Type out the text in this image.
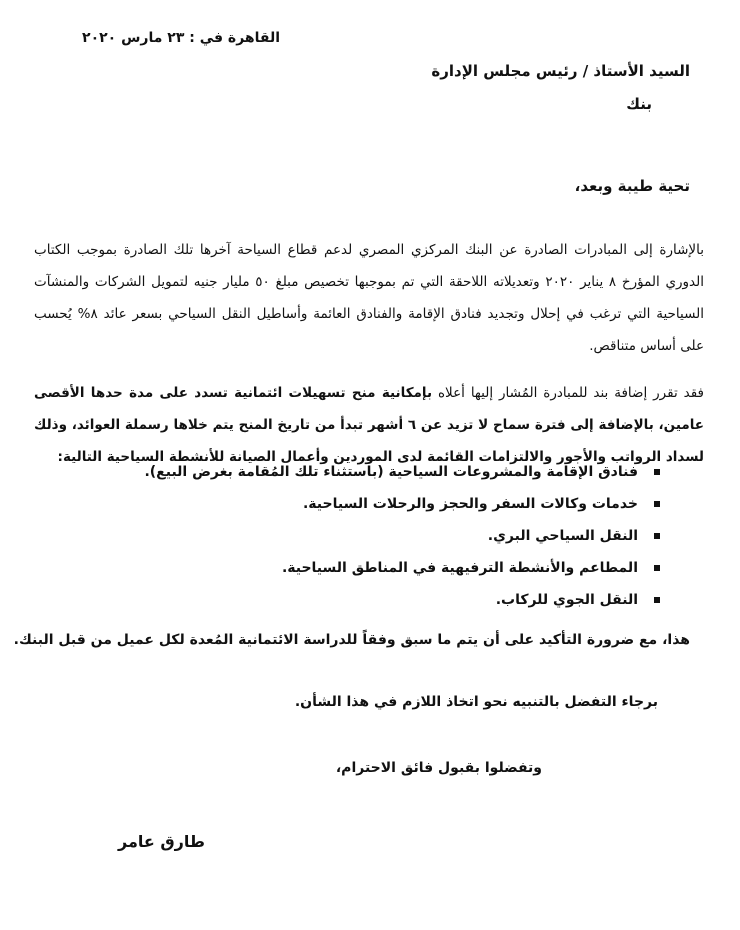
القاهرة في : ٢٣ مارس ٢٠٢٠
السيد الأستاذ / رئيس مجلس الإدارة
بنك
تحية طيبة وبعد،

بالإشارة إلى المبادرات الصادرة عن البنك المركزي المصري لدعم قطاع السياحة آخرها تلك الصادرة بموجب الكتاب الدوري المؤرخ ٨ يناير ٢٠٢٠ وتعديلاته اللاحقة التي تم بموجبها تخصيص مبلغ ٥٠ مليار جنيه لتمويل الشركات والمنشآت السياحية التي ترغب في إحلال وتجديد فنادق الإقامة والفنادق العائمة وأساطيل النقل السياحي بسعر عائد ٨% يُحسب على أساس متناقص.

فقد تقرر إضافة بند للمبادرة المُشار إليها أعلاه بإمكانية منح تسهيلات ائتمانية تسدد على مدة حدها الأقصى عامين، بالإضافة إلى فترة سماح لا تزيد عن ٦ أشهر تبدأ من تاريخ المنح يتم خلاها رسملة العوائد، وذلك لسداد الرواتب والأجور والالتزامات القائمة لدى الموردين وأعمال الصيانة للأنشطة السياحية التالية:

فنادق الإقامة والمشروعات السياحية (باستثناء تلك المُقامة بغرض البيع).
خدمات وكالات السفر والحجز والرحلات السياحية.
النقل السياحي البري.
المطاعم والأنشطة الترفيهية في المناطق السياحية.
النقل الجوي للركاب.
هذا، مع ضرورة التأكيد على أن يتم ما سبق وفقاً للدراسة الائتمانية المُعدة لكل عميل من قبل البنك.
برجاء التفضل بالتنبيه نحو اتخاذ اللازم في هذا الشأن.
وتفضلوا بقبول فائق الاحترام،
طارق عامر
